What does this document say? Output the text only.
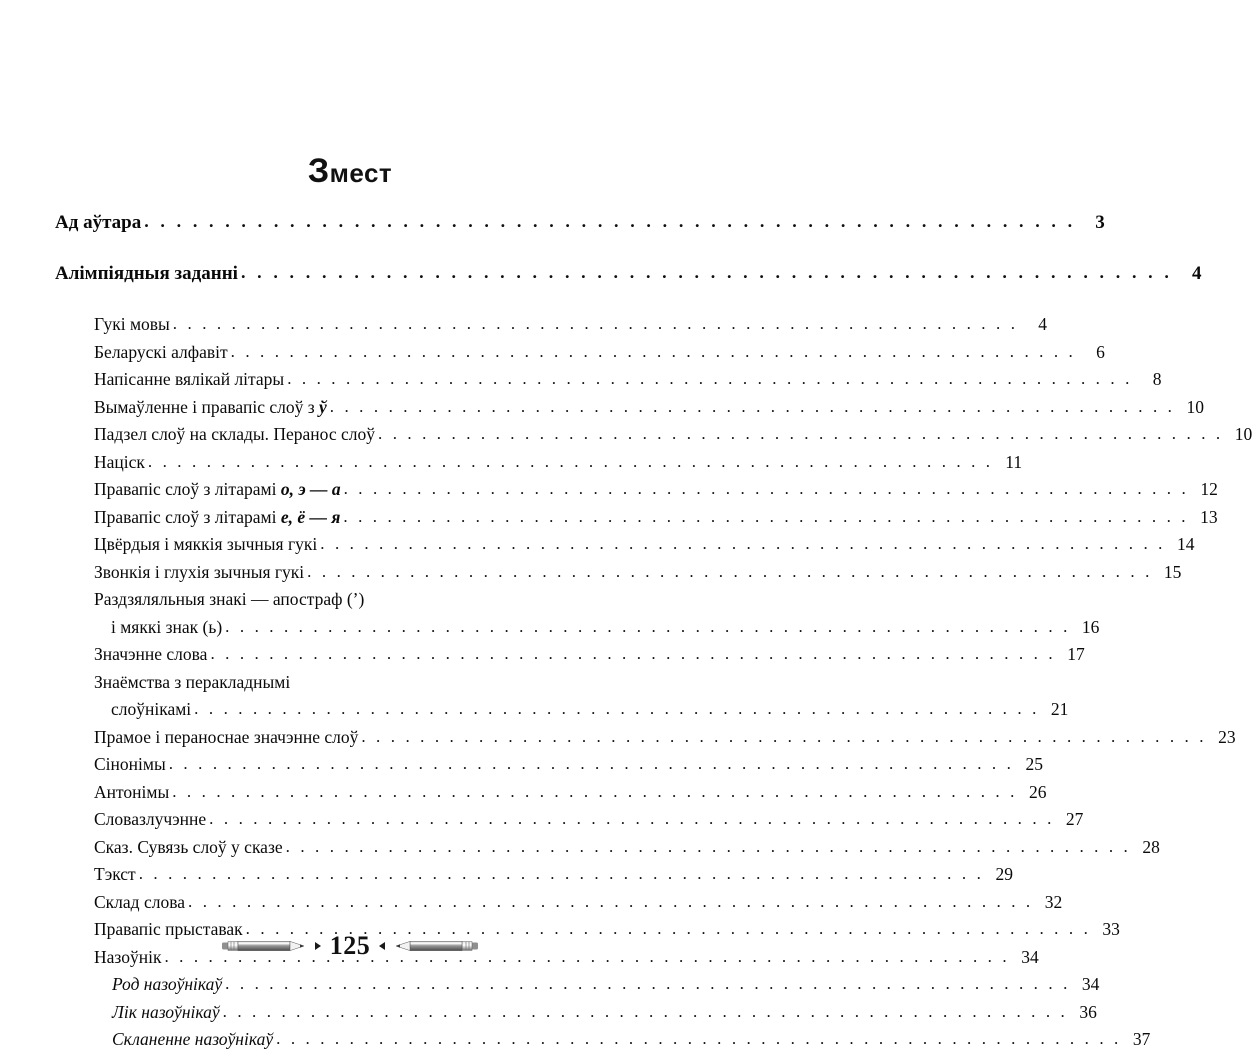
Змест
Ад аўтара . . .	3
Алімпіядныя заданні . . .	4
Гукі мовы . . .	4
Беларускі алфавіт . . .	6
Напісанне вялікай літары . . .	8
Вымаўленне і правапіс слоў з ў . . .	10
Падзел слоў на склады. Перанос слоў . . .	10
Націск . . .	11
Правапіс слоў з літарамі о, э — а . . .	12
Правапіс слоў з літарамі е, ё — я . . .	13
Цвёрдыя і мяккія зычныя гукі . . .	14
Звонкія і глухія зычныя гукі . . .	15
Раздзяляльныя знакі — апостраф (’)
і мяккі знак (ь) . . .	16
Значэнне слова . . .	17
Знаёмства з перакладнымі
слоўнікамі . . .	21
Прамое і пераноснае значэнне слоў . . .	23
Сінонімы . . .	25
Антонімы . . .	26
Словазлучэнне . . .	27
Сказ. Сувязь слоў у сказе . . .	28
Тэкст . . .	29
Склад слова . . .	32
Правапіс прыставак . . .	33
Назоўнік . . .	34
Род назоўнікаў . . .	34
Лік назоўнікаў . . .	36
Скланенне назоўнікаў . . .	37
125
